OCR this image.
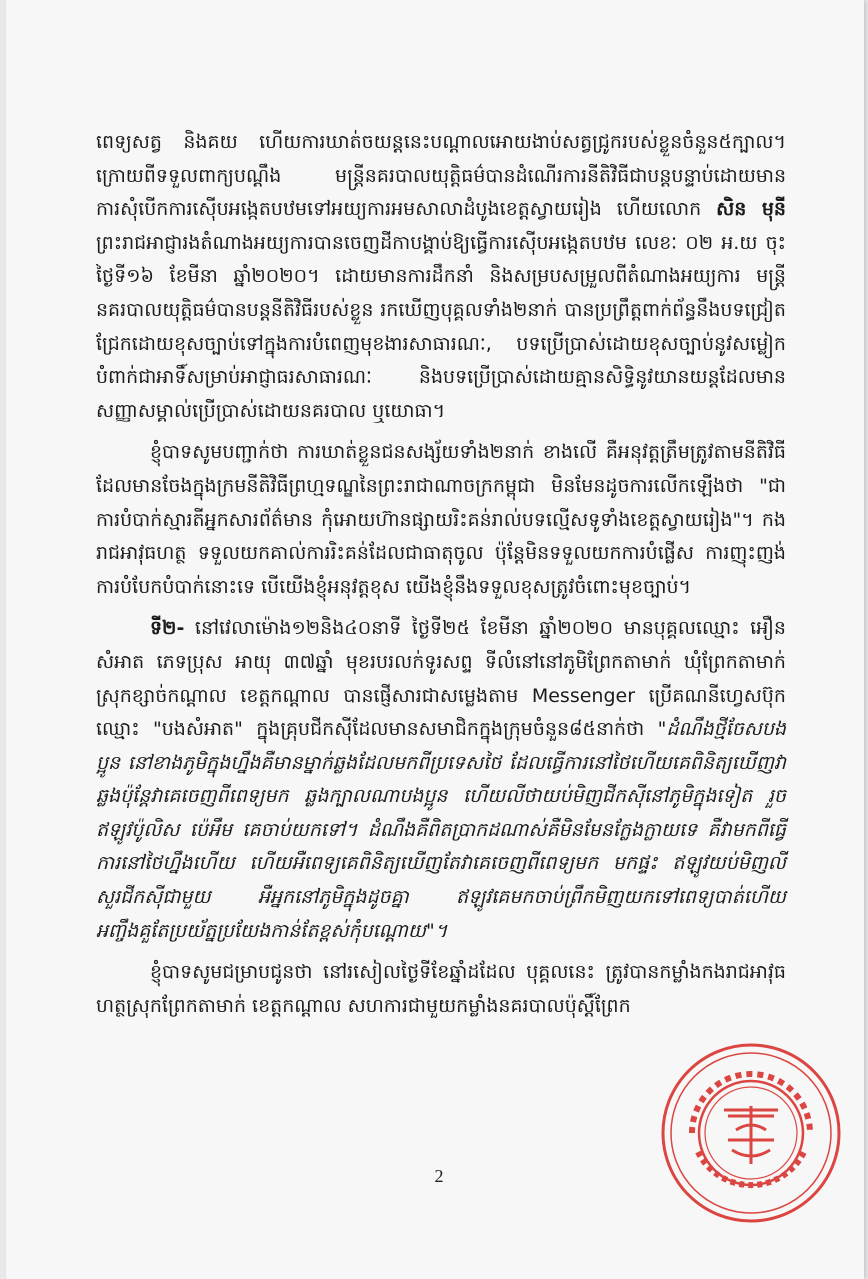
ពេទ្យសត្វ និងគយ ហើយការឃាត់ចយន្តនេះបណ្តាលអោយងាប់សត្វជ្រូករបស់ខ្លួនចំនួន៥ក្បាល។ ក្រោយពីទទួលពាក្យបណ្ដឹង មន្ត្រីនគរបាលយុត្តិធម៌បានដំណើរការនីតិវិធីជាបន្តបន្ទាប់ដោយមានការសុំបើកការស៊ើបអង្កេតបឋមទៅអយ្យការអមសាលាដំបូងខេត្តស្វាយរៀង ហើយលោក សិន មុនី ព្រះរាជអាជ្ញារងតំណាងអយ្យការបានចេញដីកាបង្គាប់ឱ្យធ្វើការស៊ើបអង្កេតបឋម លេខៈ ០២ អ.យ ចុះថ្ងៃទី១៦ ខែមីនា ឆ្នាំ២០២០។ ដោយមានការដឹកនាំ និងសម្របសម្រួលពីតំណាងអយ្យការ មន្ត្រីនគរបាលយុត្តិធម៌បានបន្តនីតិវិធីរបស់ខ្លួន រកឃើញបុគ្គលទាំង២នាក់ បានប្រព្រឹត្តពាក់ព័ន្ធនឹងបទជ្រៀតជ្រែកដោយខុសច្បាប់ទៅក្នុងការបំពេញមុខងារសាធារណៈ, បទប្រើប្រាស់ដោយខុសច្បាប់នូវសម្លៀកបំពាក់ជាអាទិ៍សម្រាប់អាជ្ញាធរសាធារណៈ និងបទប្រើប្រាស់ដោយគ្មានសិទ្ធិនូវយានយន្តដែលមានសញ្ញាសម្គាល់ប្រើប្រាស់ដោយនគរបាល ឬយោធា។

ខ្ញុំបាទសូមបញ្ជាក់ថា ការឃាត់ខ្លួនជនសង្ស័យទាំង២នាក់ ខាងលើ គឺអនុវត្តត្រឹមត្រូវតាមនីតិវិធីដែលមានចែងក្នុងក្រមនីតិវិធីព្រហ្មទណ្ឌនៃព្រះរាជាណាចក្រកម្ពុជា មិនមែនដូចការលើកឡើងថា "ជាការបំបាក់ស្មារតីអ្នកសារព័ត៌មាន កុំអោយហ៊ានផ្សាយរិះគន់រាល់បទល្មើសទូទាំងខេត្តស្វាយរៀង"។ កងរាជអាវុធហត្ថ ទទួលយកគាល់ការរិះគន់ដែលជាធាតុចូល ប៉ុន្តែមិនទទួលយកការបំផ្លើស ការញុះញង់ ការបំបែកបំបាក់នោះទេ បើយើងខ្ញុំអនុវត្តខុស យើងខ្ញុំនឹងទទួលខុសត្រូវចំពោះមុខច្បាប់។

ទី២- នៅវេលាម៉ោង១២និង៤០នាទី ថ្ងៃទី២៥ ខែមីនា ឆ្នាំ២០២០ មានបុគ្គលឈ្មោះ អឿន សំអាត ភេទប្រុស អាយុ ៣៧ឆ្នាំ មុខរបរលក់ទូរសព្ទ ទីលំនៅនៅភូមិព្រែកតាមាក់ ឃុំព្រែកតាមាក់ ស្រុកខ្សាច់កណ្តាល ខេត្តកណ្តាល បានផ្ញើសារជាសម្លេងតាម Messenger ប្រើគណនីហ្វេសប៊ុកឈ្មោះ "បងសំអាត" ក្នុងគ្រុបជីកស៊ីដែលមានសមាជិកក្នុងក្រុមចំនួន៨៥នាក់ថា "ដំណឹងថ្មីចែសបងប្អូន នៅខាងភូមិក្នុងហ្នឹងគឺមានម្នាក់ឆ្លងដែលមកពីប្រទេសថៃ ដែលធ្វើការនៅថៃហើយគេពិនិត្យឃើញវាឆ្លងប៉ុន្តែវាគេចេញពីពេទ្យមក ឆ្លងក្បាលណាបងប្អូន ហើយលីថាយប់មិញជីកស៊ីនៅភូមិក្នុងទៀត រួចឥឡូវប៉ូលិស ប៉េអឹម គេចាប់យកទៅ។ ដំណឹងគឺពិតប្រាកដណាស់គឺមិនមែនក្លែងក្លាយទេ គឺវាមកពីធ្វើការនៅថៃហ្នឹងហើយ ហើយអឺពេទ្យគេពិនិត្យឃើញតែវាគេចេញពីពេទ្យមក មកផ្ទះ ឥឡូវយប់មិញលីសួរជីកស៊ីជាមួយ អឺអ្នកនៅភូមិក្នុងដូចគ្នា ឥឡូវគេមកចាប់ព្រឹកមិញយកទៅពេទ្យបាត់ហើយ អញ្ចឹងគួតែប្រយ័ត្នប្រយែងកាន់តែខ្ពស់កុំបណ្ដោយ"។

ខ្ញុំបាទសូមជម្រាបជូនថា នៅរសៀលថ្ងៃទីខែឆ្នាំដដែល បុគ្គលនេះ ត្រូវបានកម្លាំងកងរាជអាវុធហត្ថស្រុកព្រែកតាមាក់ ខេត្តកណ្តាល សហការជាមួយកម្លាំងនគរបាលប៉ុស្តិ៍ព្រែក

2
